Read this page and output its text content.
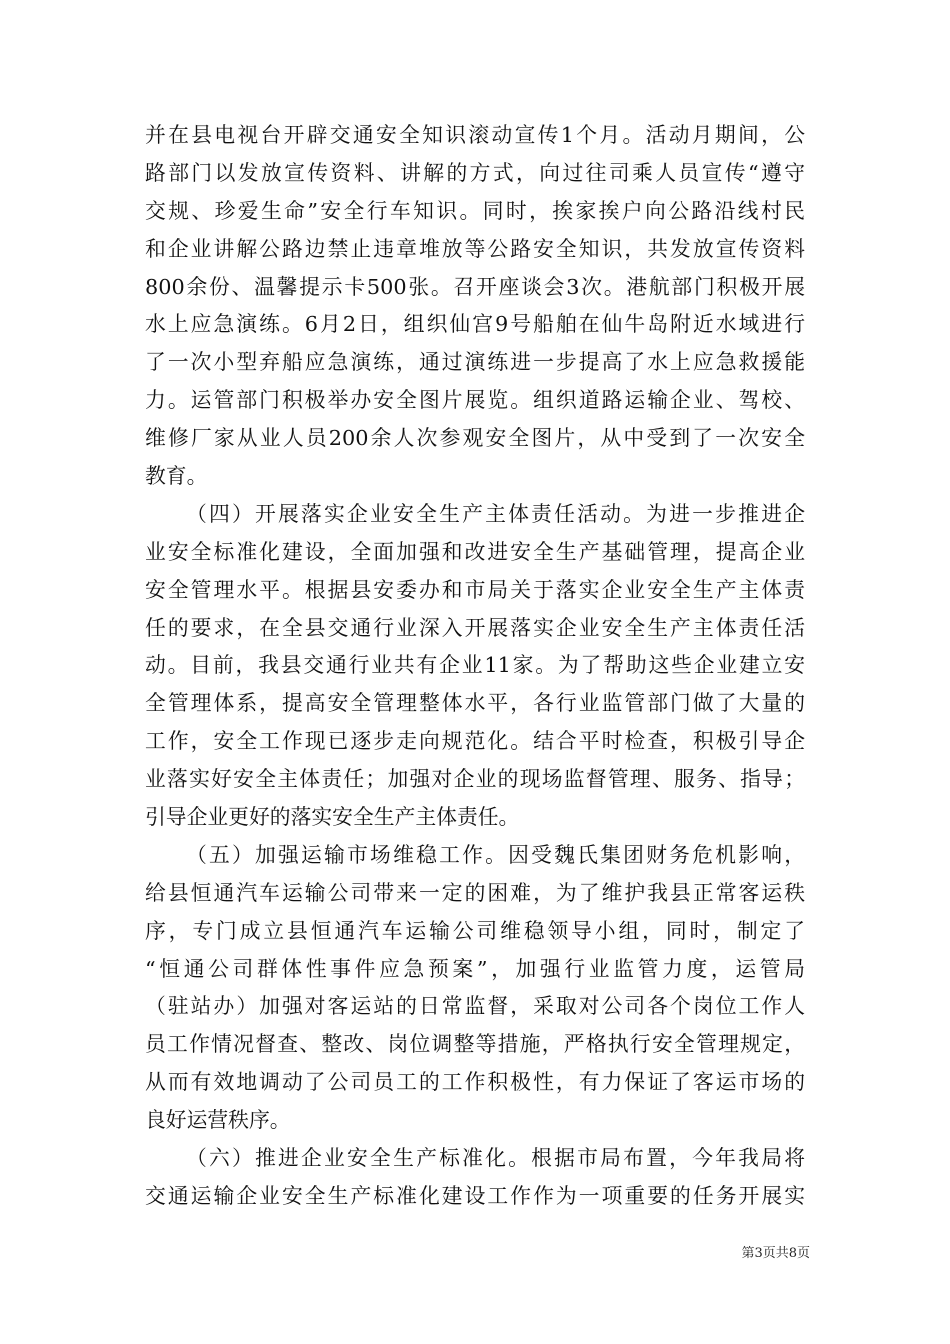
并在县电视台开辟交通安全知识滚动宣传1个月。活动月期间，公
路部门以发放宣传资料、讲解的方式，向过往司乘人员宣传“遵守
交规、珍爱生命”安全行车知识。同时，挨家挨户向公路沿线村民
和企业讲解公路边禁止违章堆放等公路安全知识，共发放宣传资料
800余份、温馨提示卡500张。召开座谈会3次。港航部门积极开展
水上应急演练。6月2日，组织仙宫9号船舶在仙牛岛附近水域进行
了一次小型弃船应急演练，通过演练进一步提高了水上应急救援能
力。运管部门积极举办安全图片展览。组织道路运输企业、驾校、
维修厂家从业人员200余人次参观安全图片，从中受到了一次安全
教育。
（四）开展落实企业安全生产主体责任活动。为进一步推进企
业安全标准化建设，全面加强和改进安全生产基础管理，提高企业
安全管理水平。根据县安委办和市局关于落实企业安全生产主体责
任的要求，在全县交通行业深入开展落实企业安全生产主体责任活
动。目前，我县交通行业共有企业11家。为了帮助这些企业建立安
全管理体系，提高安全管理整体水平，各行业监管部门做了大量的
工作，安全工作现已逐步走向规范化。结合平时检查，积极引导企
业落实好安全主体责任；加强对企业的现场监督管理、服务、指导；
引导企业更好的落实安全生产主体责任。
（五）加强运输市场维稳工作。因受魏氏集团财务危机影响，
给县恒通汽车运输公司带来一定的困难，为了维护我县正常客运秩
序，专门成立县恒通汽车运输公司维稳领导小组，同时，制定了
“恒通公司群体性事件应急预案”，加强行业监管力度，运管局
（驻站办）加强对客运站的日常监督，采取对公司各个岗位工作人
员工作情况督查、整改、岗位调整等措施，严格执行安全管理规定，
从而有效地调动了公司员工的工作积极性，有力保证了客运市场的
良好运营秩序。
（六）推进企业安全生产标准化。根据市局布置，今年我局将
交通运输企业安全生产标准化建设工作作为一项重要的任务开展实
第3页共8页
